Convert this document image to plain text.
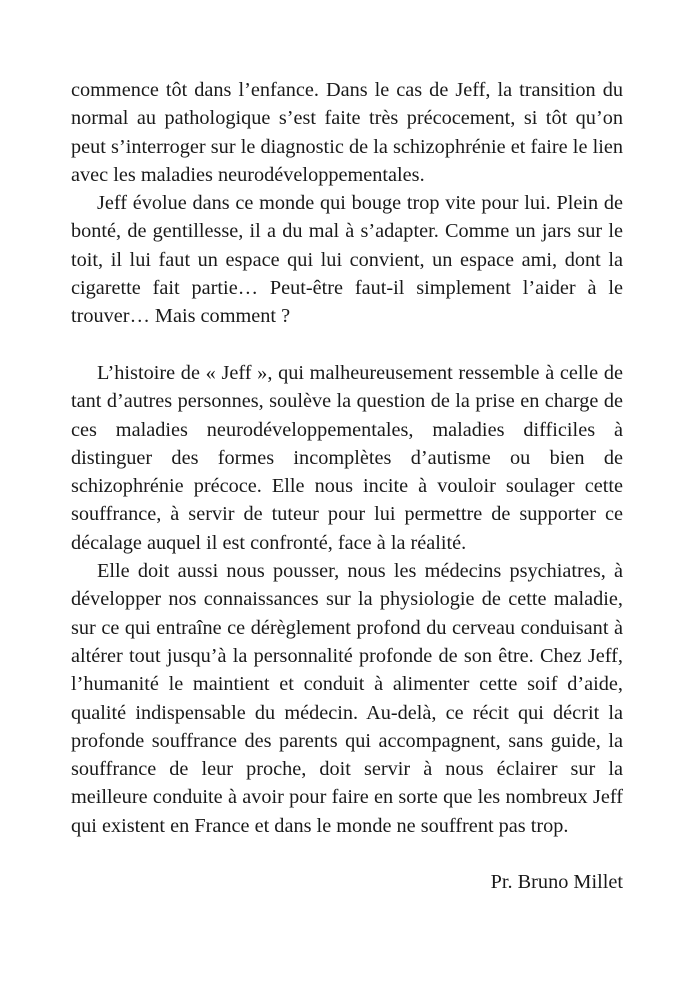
commence tôt dans l’enfance. Dans le cas de Jeff, la transition du normal au pathologique s’est faite très précocement, si tôt qu’on peut s’interroger sur le diagnostic de la schizophrénie et faire le lien avec les maladies neurodéveloppementales.

Jeff évolue dans ce monde qui bouge trop vite pour lui. Plein de bonté, de gentillesse, il a du mal à s’adapter. Comme un jars sur le toit, il lui faut un espace qui lui convient, un espace ami, dont la cigarette fait partie… Peut-être faut-il simplement l’aider à le trouver… Mais comment ?

L’histoire de « Jeff », qui malheureusement ressemble à celle de tant d’autres personnes, soulève la question de la prise en charge de ces maladies neurodéveloppementales, maladies difficiles à distinguer des formes incomplètes d’autisme ou bien de schizophrénie précoce. Elle nous incite à vouloir soulager cette souffrance, à servir de tuteur pour lui permettre de supporter ce décalage auquel il est confronté, face à la réalité.

Elle doit aussi nous pousser, nous les médecins psychiatres, à développer nos connaissances sur la physiologie de cette maladie, sur ce qui entraîne ce dérèglement profond du cerveau conduisant à altérer tout jusqu’à la personnalité profonde de son être. Chez Jeff, l’humanité le maintient et conduit à alimenter cette soif d’aide, qualité indispensable du médecin. Au-delà, ce récit qui décrit la profonde souffrance des parents qui accompagnent, sans guide, la souffrance de leur proche, doit servir à nous éclairer sur la meilleure conduite à avoir pour faire en sorte que les nombreux Jeff qui existent en France et dans le monde ne souffrent pas trop.

Pr. Bruno Millet
